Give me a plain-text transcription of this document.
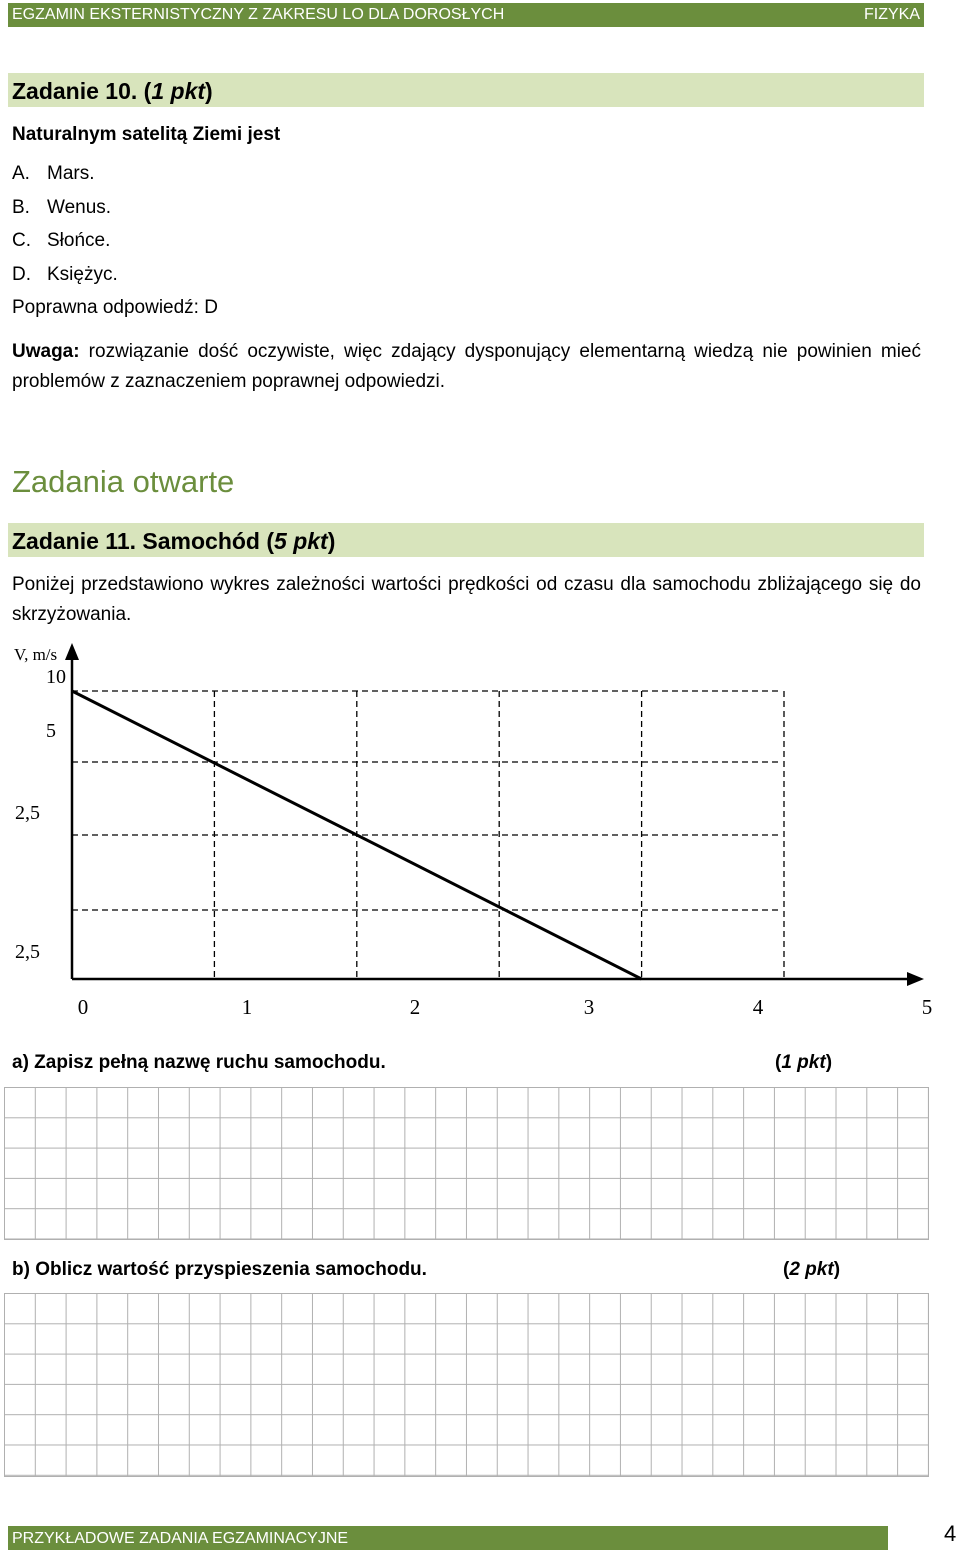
EGZAMIN EKSTERNISTYCZNY Z ZAKRESU LO DLA DOROSŁYCH	FIZYKA
Zadanie 10. (1 pkt)
Naturalnym satelitą Ziemi jest
A. Mars.
B. Wenus.
C. Słońce.
D. Księżyc.
Poprawna odpowiedź: D
Uwaga: rozwiązanie dość oczywiste, więc zdający dysponujący elementarną wiedzą nie powinien mieć problemów z zaznaczeniem poprawnej odpowiedzi.
Zadania otwarte
Zadanie 11. Samochód (5 pkt)
Poniżej przedstawiono wykres zależności wartości prędkości od czasu dla samochodu zbliżającego się do skrzyżowania.
V, m/s
10
5
2,5
2,5
0	1	2	3	4	5
a) Zapisz pełną nazwę ruchu samochodu.	(1 pkt)
b) Oblicz wartość przyspieszenia samochodu.	(2 pkt)
PRZYKŁADOWE ZADANIA EGZAMINACYJNE	4
